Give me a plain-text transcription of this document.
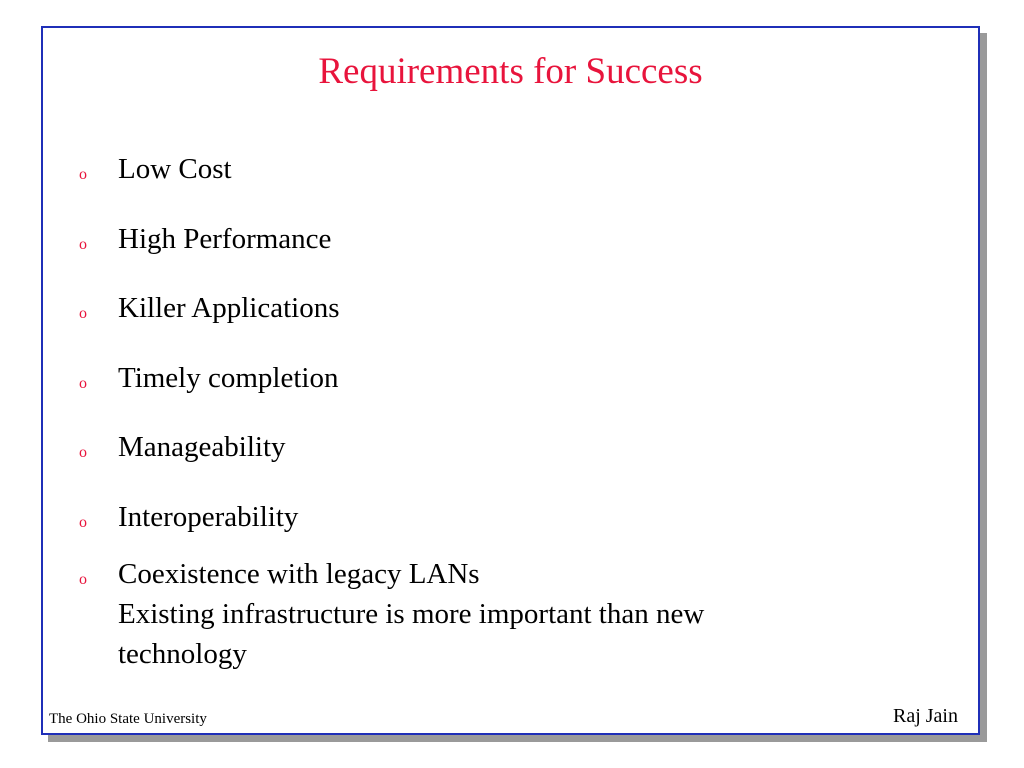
Requirements for Success
o Low Cost
o High Performance
o Killer Applications
o Timely completion
o Manageability
o Interoperability
o Coexistence with legacy LANs
Existing infrastructure is more important than new
technology
The Ohio State University	Raj Jain
